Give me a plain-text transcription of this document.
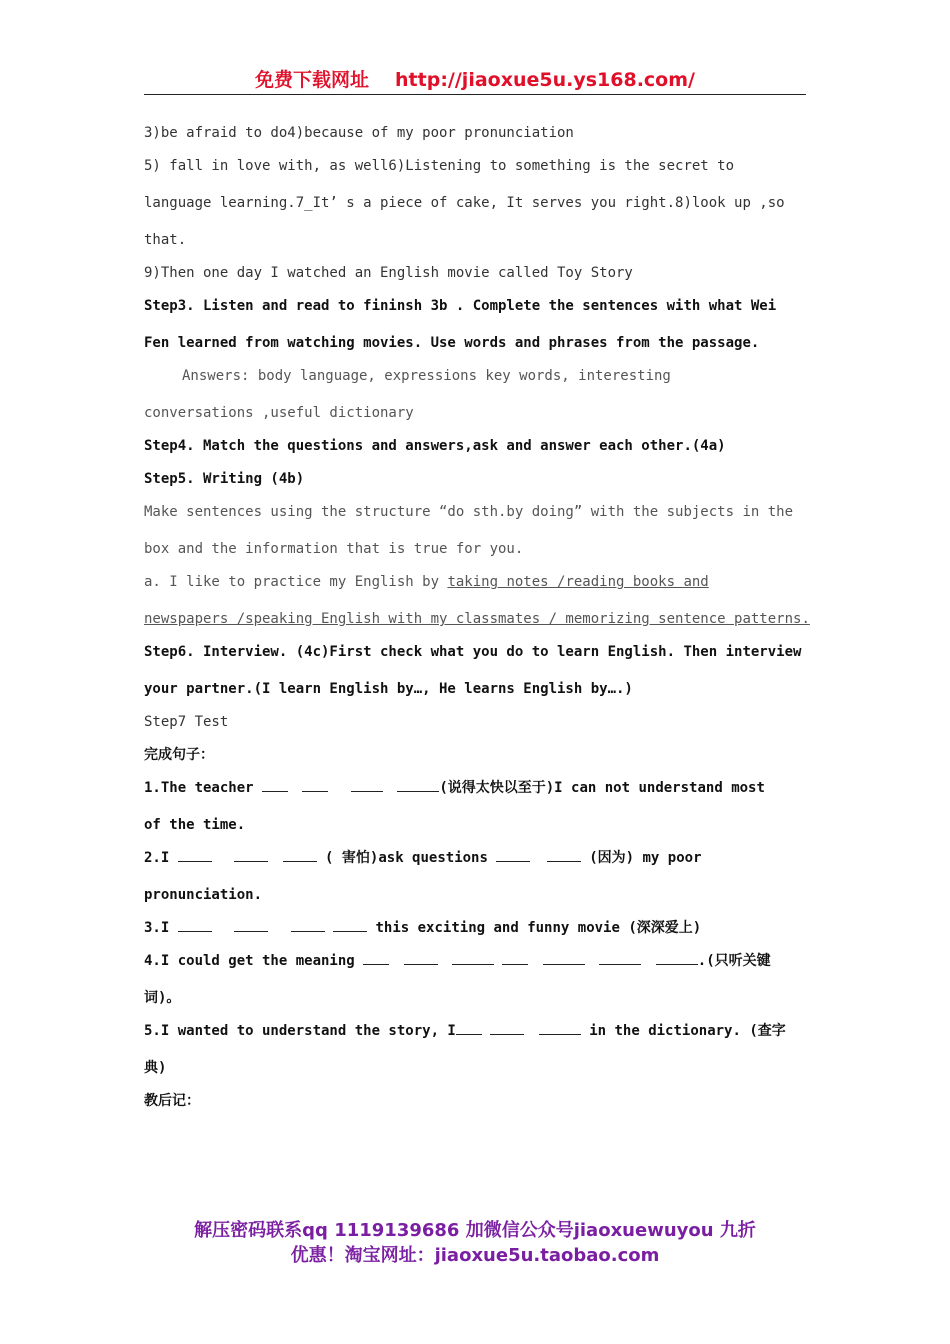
免费下载网址 http://jiaoxue5u.ys168.com/
3)be afraid to do4)because of my poor pronunciation
5) fall in love with, as well6)Listening to something is the secret to
language learning.7_It’ s a piece of cake, It serves you right.8)look up ,so
that.
9)Then one day I watched an English movie called Toy Story
Step3. Listen and read to fininsh 3b . Complete the sentences with what Wei
Fen learned from watching movies. Use words and phrases from the passage.
Answers: body language, expressions key words, interesting
conversations ,useful dictionary
Step4. Match the questions and answers,ask and answer each other.(4a)
Step5. Writing (4b)
Make sentences using the structure “do sth.by doing” with the subjects in the
box and the information that is true for you.
a. I like to practice my English by taking notes /reading books and
newspapers /speaking English with my classmates / memorizing sentence patterns.
Step6. Interview. (4c)First check what you do to learn English. Then interview
your partner.(I learn English by…, He learns English by….)
Step7 Test
完成句子：
1.The teacher	(说得太快以至于)I can not understand most
of the time.
2.I	( 害怕)ask questions	(因为) my poor
pronunciation.
3.I	this exciting and funny movie (深深爱上)
4.I could get the meaning	.(只听关键
词)。
5.I wanted to understand the story, I	in the dictionary. (查字
典)
教后记：
解压密码联系qq 1119139686 加微信公众号jiaoxuewuyou 九折
优惠！淘宝网址：jiaoxue5u.taobao.com
